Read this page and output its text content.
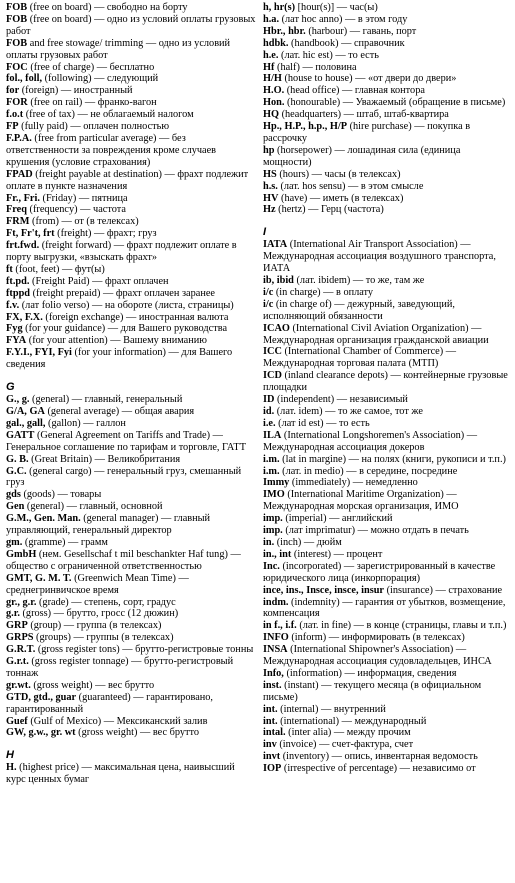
FOB (free on board) — свободно на борту

FOB (free on board) — одно из условий оплаты грузовых работ

FOB and free stowage/ trimming — одно из условий оплаты грузовых работ

FOC (free of charge) — бесплатно

fol., foll, (following) — следующий

for (foreign) — иностранный

FOR (free on rail) — франко-вагон

f.o.t (free of tax) — не облагаемый налогом

FP (fully paid) — оплачен полностью

F.P.A. (free from particular average) — без ответственности за повреждения кроме случаев крушения (условие страхования)

FPAD (freight payable at destination) — фрахт подлежит оплате в пункте назначения

Fr., Fri. (Friday) — пятница

Freq (frequency) — частота

FRM (from) — от (в телексах)

Ft, Fr't, frt (freight) — фрахт; груз

frt.fwd. (freight forward) — фрахт подлежит оплате в порту выгрузки, «взыскать фрахт»

ft (foot, feet) — фут(ы)

ft.pd. (Freight Paid) — фрахт оплачен

ftppd (freight prepaid) — фрахт оплачен заранее

f.v. (лат folio verso) — на обороте (листа, страницы)

FX, F.X. (foreign exchange) — иностранная валюта

Fyg (for your guidance) — для Вашего руководства

FYA (for your attention) — Вашему вниманию

F.Y.I., FYI, Fyi (for your information) — для Вашего сведения

G

G., g. (general) — главный, генеральный

G/A, GA (general average) — общая авария

gal., gall, (gallon) — галлон

GATT (General Agreement on Tariffs and Trade) — Генеральное соглашение по тарифам и торговле, ГАТТ

G. B. (Great Britain) — Великобритания

G.C. (general cargo) — генеральный груз, смешанный груз

gds (goods) — товары

Gen (general) — главный, основной

G.M., Gen. Man. (general manager) — главный управляющий, генеральный директор

gm. (gramme) — грамм

GmbH (нем. Gesellschaf t mil beschankter Haf tung) — общество с ограниченной ответственностью

GMT, G. M. T. (Greenwich Mean Time) — среднегринвичское время

gr., g.r. (grade) — степень, сорт, градус

g.r. (gross) — брутто, гросс (12 дюжин)

GRP (group) — группа (в телексах)

GRPS (groups) — группы (в телексах)

G.R.T. (gross register tons) — брутто-регистровые тонны

G.r.t. (gross register tonnage) — брутто-регистровый тоннаж

gr.wt. (gross weight) — вес брутто

GTD, gtd., guar (guaranteed) — гарантировано, гарантированный

Guef (Gulf of Mexico) — Мексиканский залив

GW, g.w., gr. wt (gross weight) — вес брутто

H

H. (highest price) — максимальная цена, наивысший курс ценных бумаг

h, hr(s) [hour(s)] — час(ы)

h.a. (лат hoc anno) — в этом году

Hbr., hbr. (harbour) — гавань, порт

hdbk. (handbook) — справочник

h.e. (лат. hic est) — то есть

Hf (half) — половина

H/H (house to house) — «от двери до двери»

H.O. (head office) — главная контора

Hon. (honourable) — Уважаемый (обращение в письме)

HQ (headquarters) — штаб, штаб-квартира

Hp., H.P., h.p., H/P (hire purchase) — покупка в рассрочку

hp (horsepower) — лошадиная сила (единица мощности)

HS (hours) — часы (в телексах)

h.s. (лат. hos sensu) — в этом смысле

HV (have) — иметь (в телексах)

Hz (hertz) — Герц (частота)

I

IATA (International Air Transport Association) — Международная ассоциация воздушного транспорта, ИАТА

ib, ibid (лат. ibidem) — то же, там же

i/c (in charge) — в оплату

i/c (in charge of) — дежурный, заведующий, исполняющий обязанности

ICAO (International Civil Aviation Organization) — Международная организация гражданской авиации

ICC (International Chamber of Commerce) — Международная торговая палата (МТП)

ICD (inland clearance depots) — контейнерные грузовые площадки

ID (independent) — независимый

id. (лат. idem) — то же самое, тот же

i.e. (лат id est) — то есть

ILA (International Longshoremen's Association) — Международная ассоциация докеров

i.m. (lat in margine) — на полях (книги, рукописи и т.п.)

i.m. (лат. in medio) — в середине, посредине

Immy (immediately) — немедленно

IMO (International Maritime Organization) — Международная морская организация, ИМО

imp. (imperial) — английский

imp. (лат imprimatur) — можно отдать в печать

in. (inch) — дюйм

in., int (interest) — процент

Inc. (incorporated) — зарегистрированный в качестве юридического лица (инкорпорация)

ince, ins., Insce, insce, insur (insurance) — страхование

indm. (indemnity) — гарантия от убытков, возмещение, компенсация

in f., i.f. (лат. in fine) — в конце (страницы, главы и т.п.)

INFO (inform) — информировать (в телексах)

INSA (International Shipowner's Association) — Международная ассоциация судовладельцев, ИНСА

Info, (information) — информация, сведения

inst. (instant) — текущего месяца (в официальном письме)

int. (internal) — внутренний

int. (international) — международный

intal. (inter alia) — между прочим

inv (invoice) — счет-фактура, счет

invt (inventory) — опись, инвентарная ведомость

IOP (irrespective of percentage) — независимо от
